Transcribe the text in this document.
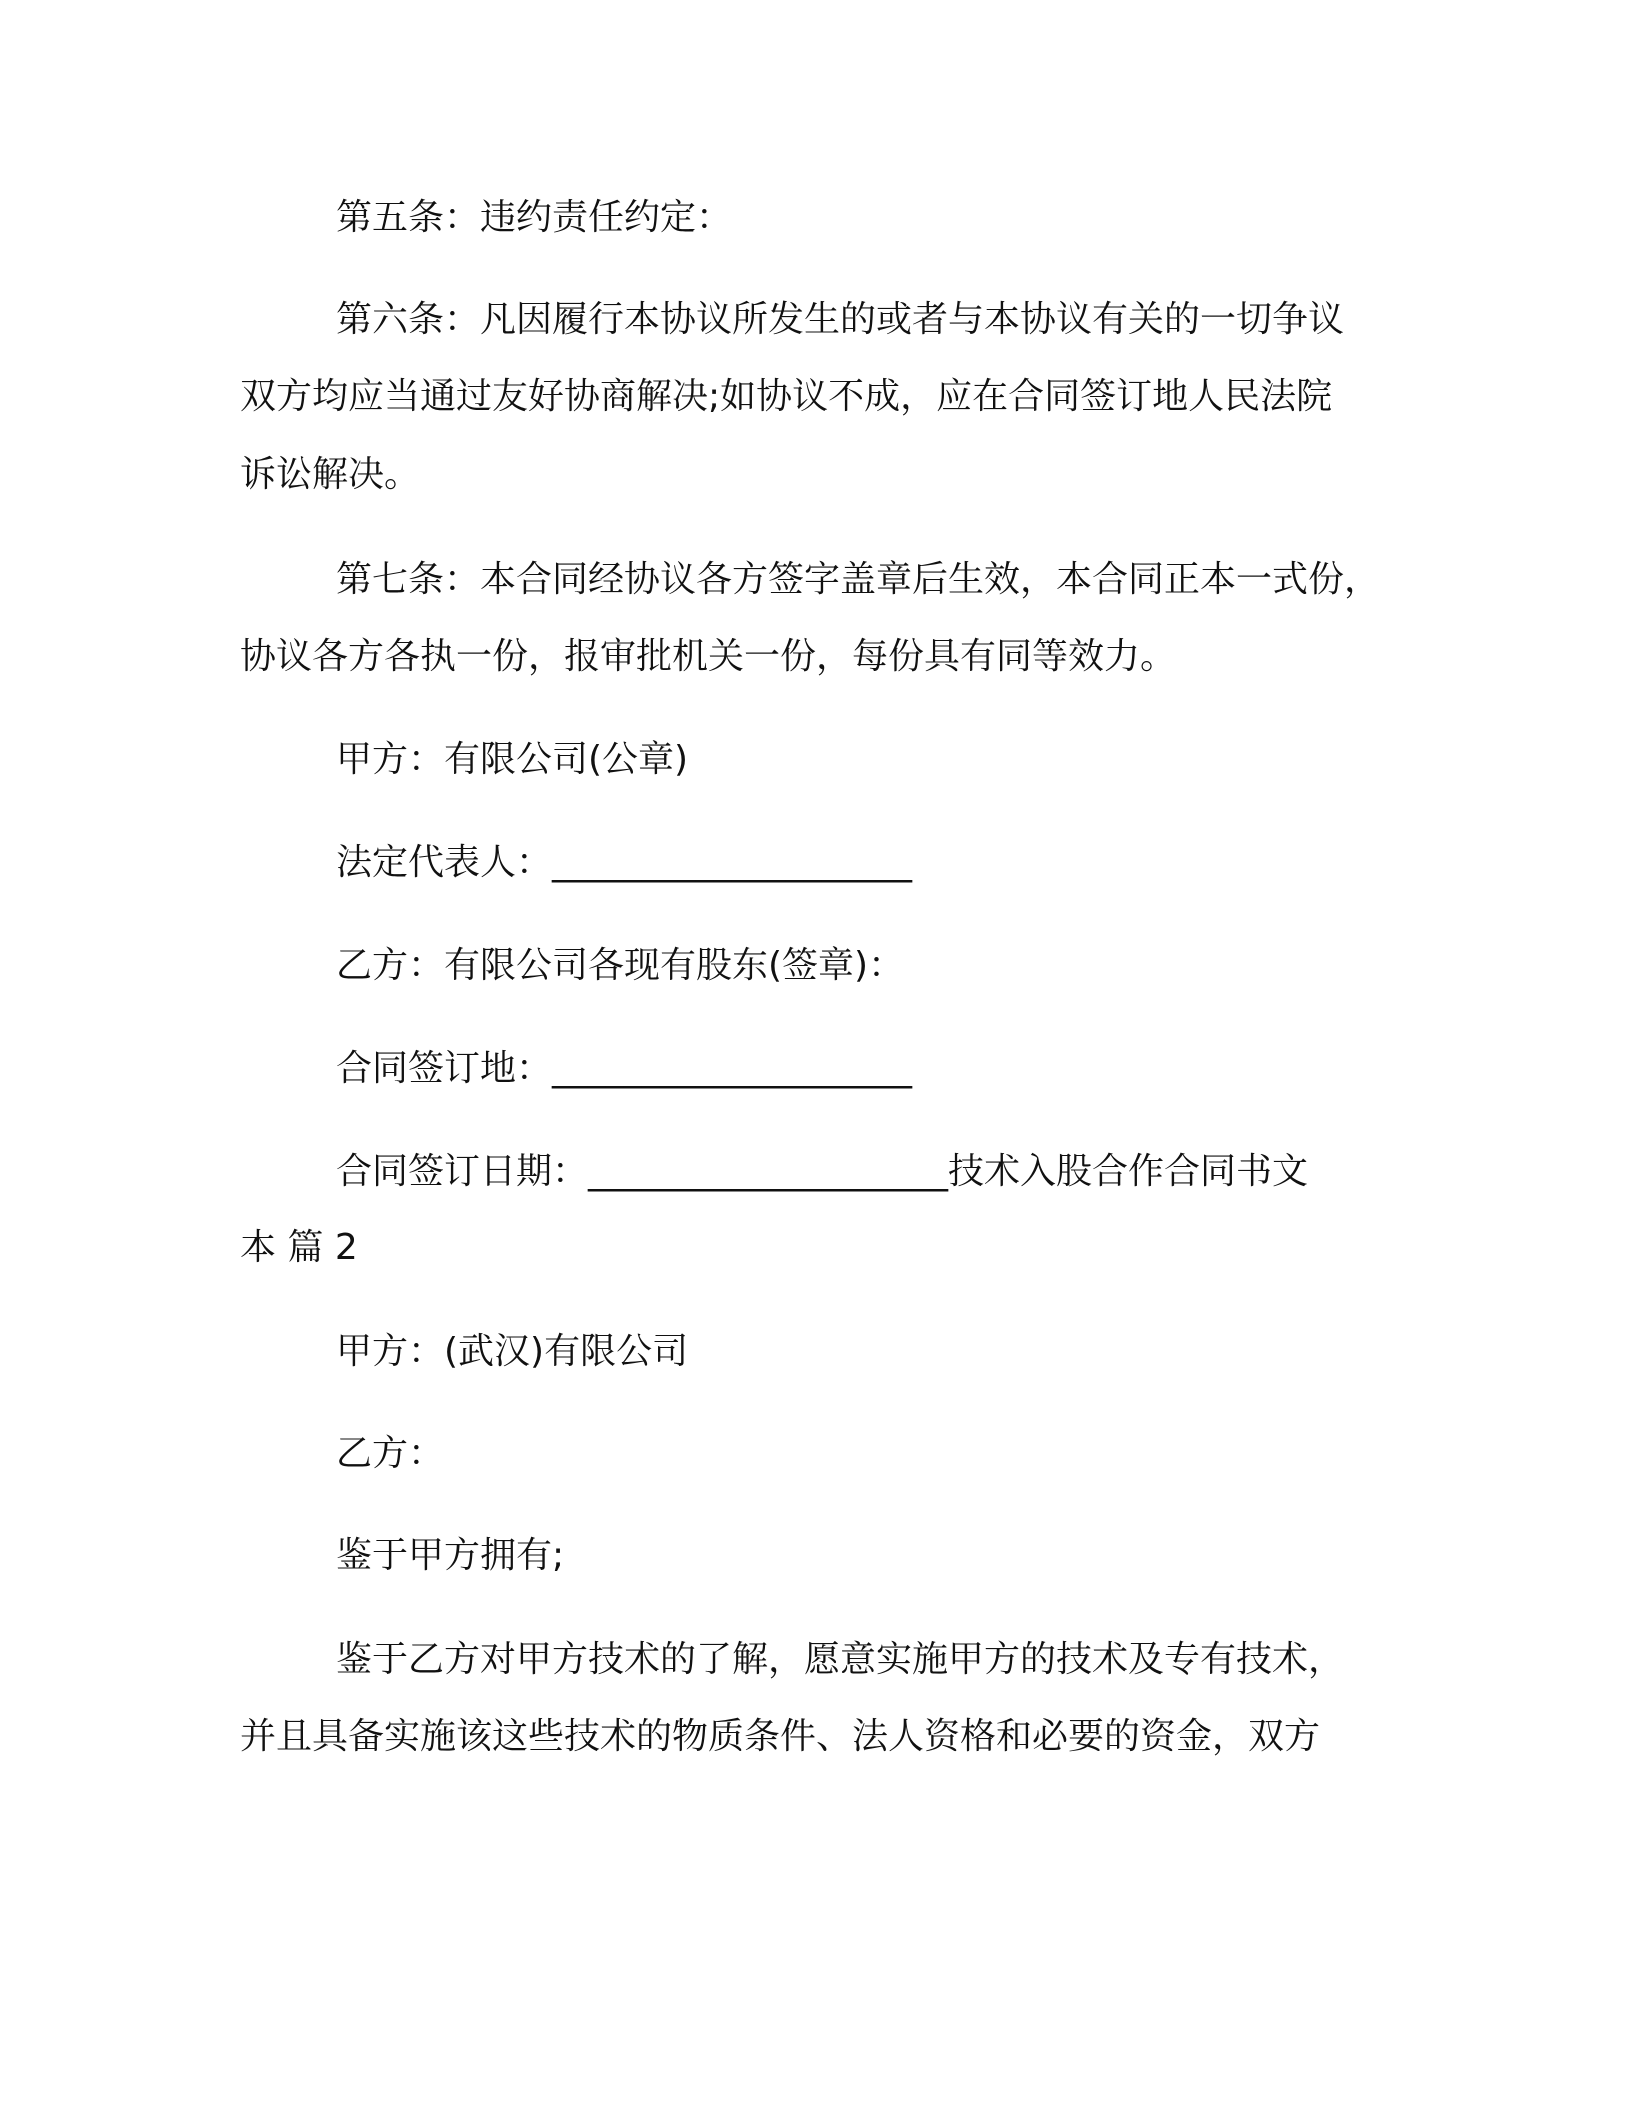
第五条：违约责任约定：
第六条：凡因履行本协议所发生的或者与本协议有关的一切争议
双方均应当通过友好协商解决;如协议不成，应在合同签订地人民法院
诉讼解决。
第七条：本合同经协议各方签字盖章后生效，本合同正本一式份，
协议各方各执一份，报审批机关一份，每份具有同等效力。
甲方：有限公司(公章)
法定代表人：____________________
乙方：有限公司各现有股东(签章)：
合同签订地：____________________
合同签订日期：____________________技术入股合作合同书文
本 篇 2
甲方：(武汉)有限公司
乙方：
鉴于甲方拥有;
鉴于乙方对甲方技术的了解，愿意实施甲方的技术及专有技术，
并且具备实施该这些技术的物质条件、法人资格和必要的资金，双方
